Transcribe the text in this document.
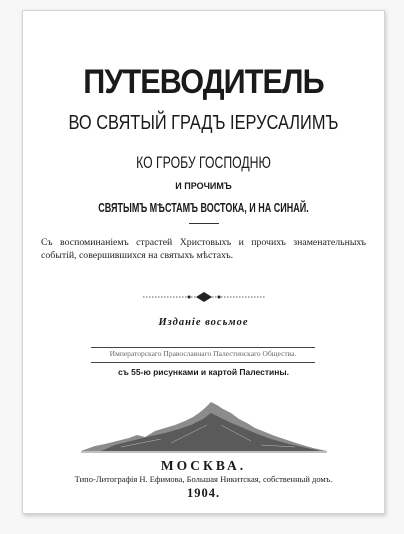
ПУТЕВОДИТЕЛЬ
ВО СВЯТЫЙ ГРАДЪ ІЕРУСАЛИМЪ
КО ГРОБУ ГОСПОДНЮ
И ПРОЧИМЪ
СВЯТЫМЪ МѢСТАМЪ ВОСТОКА, И НА СИНАЙ.
Съ воспоминаніемъ страстей Христовыхъ и прочихъ знаменательныхъ событій, совершившихся на святыхъ мѣстахъ.
Изданіе восьмое
Императорскаго Православнаго Палестинскаго Общества.
съ 55-ю рисунками и картой Палестины.
МОСКВА.
Типо-Литографія Н. Ефимова, Большая Никитская, собственный домъ.
1904.
